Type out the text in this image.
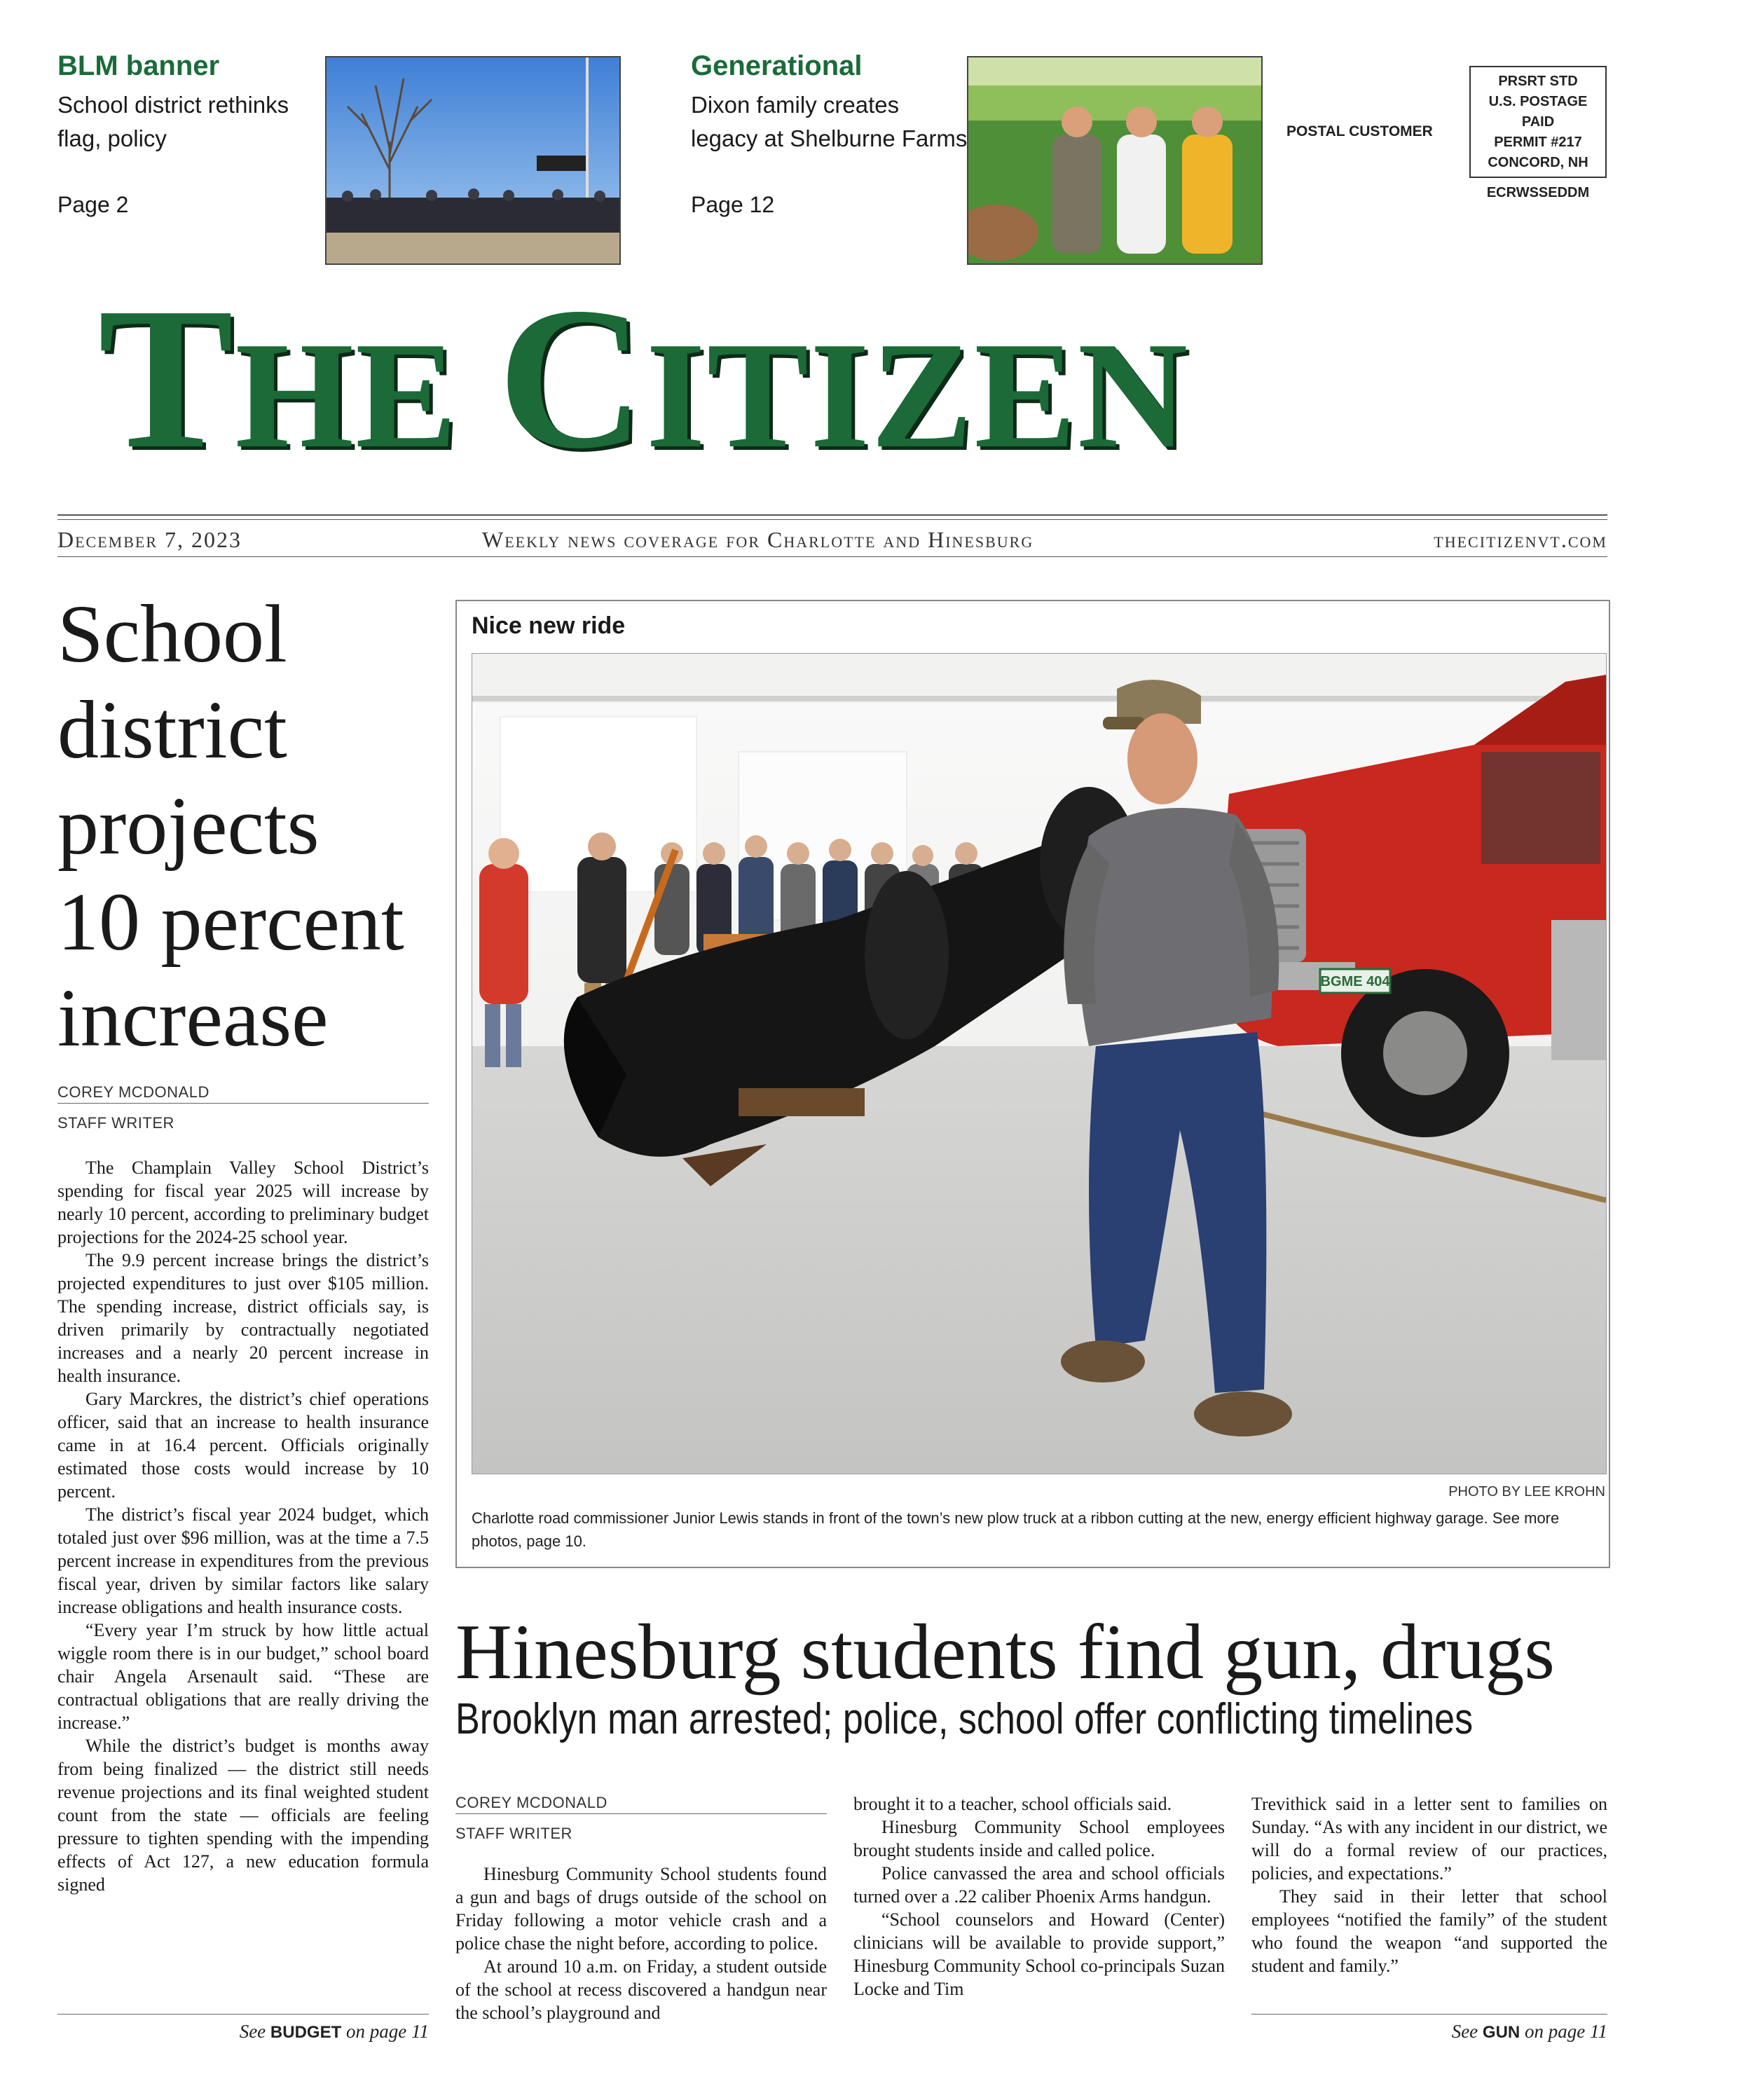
BLM banner
School district rethinks
flag, policy
Page 2
Generational
Dixon family creates
legacy at Shelburne Farms
Page 12
POSTAL CUSTOMER
PRSRT STD
U.S. POSTAGE
PAID
PERMIT #217
CONCORD, NH
ECRWSSEDDM
THE CITIZEN
December 7, 2023	Weekly news coverage for Charlotte and Hinesburg	thecitizenvt.com
School
district
projects
10 percent
increase
COREY MCDONALD
STAFF WRITER

The Champlain Valley School District’s spending for fiscal year 2025 will increase by nearly 10 percent, according to preliminary budget projections for the 2024-25 school year.

The 9.9 percent increase brings the district’s projected expenditures to just over $105 million. The spending increase, district officials say, is driven primarily by contractually negotiated increases and a nearly 20 percent increase in health insurance.

Gary Marckres, the district’s chief operations officer, said that an increase to health insurance came in at 16.4 percent. Officials originally estimated those costs would increase by 10 percent.

The district’s fiscal year 2024 budget, which totaled just over $96 million, was at the time a 7.5 percent increase in expenditures from the previous fiscal year, driven by similar factors like salary increase obligations and health insurance costs.

“Every year I’m struck by how little actual wiggle room there is in our budget,” school board chair Angela Arsenault said. “These are contractual obligations that are really driving the increase.”

While the district’s budget is months away from being finalized — the district still needs revenue projections and its final weighted student count from the state — officials are feeling pressure to tighten spending with the impending effects of Act 127, a new education formula signed

See BUDGET on page 11
Nice new ride
BGME 404
PHOTO BY LEE KROHN
Charlotte road commissioner Junior Lewis stands in front of the town’s new plow truck at a ribbon cutting at the new, energy efficient highway garage. See more photos, page 10.
Hinesburg students find gun, drugs
Brooklyn man arrested; police, school offer conflicting timelines
COREY MCDONALD
STAFF WRITER

Hinesburg Community School students found a gun and bags of drugs outside of the school on Friday following a motor vehicle crash and a police chase the night before, according to police.

At around 10 a.m. on Friday, a student outside of the school at recess discovered a handgun near the school’s playground and

brought it to a teacher, school officials said.

Hinesburg Community School employees brought students inside and called police.

Police canvassed the area and school officials turned over a .22 caliber Phoenix Arms handgun.

“School counselors and Howard (Center) clinicians will be available to provide support,” Hinesburg Community School co-principals Suzan Locke and Tim

Trevithick said in a letter sent to families on Sunday. “As with any incident in our district, we will do a formal review of our practices, policies, and expectations.”

They said in their letter that school employees “notified the family” of the student who found the weapon “and supported the student and family.”

See GUN on page 11
